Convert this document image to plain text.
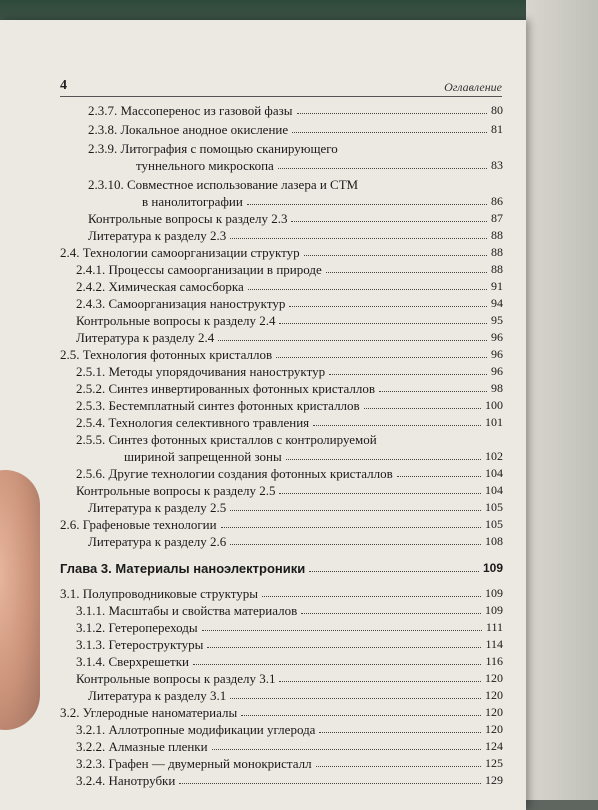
4	Оглавление
2.3.7. Массоперенос из газовой фазы	80
2.3.8. Локальное анодное окисление	81
2.3.9. Литография с помощью сканирующего
туннельного микроскопа	83
2.3.10. Совместное использование лазера и СТМ
в нанолитографии	86
Контрольные вопросы к разделу 2.3	87
Литература к разделу 2.3	88
2.4. Технологии самоорганизации структур	88
2.4.1. Процессы самоорганизации в природе	88
2.4.2. Химическая самосборка	91
2.4.3. Самоорганизация наноструктур	94
Контрольные вопросы к разделу 2.4	95
Литература к разделу 2.4	96
2.5. Технология фотонных кристаллов	96
2.5.1. Методы упорядочивания наноструктур	96
2.5.2. Синтез инвертированных фотонных кристаллов	98
2.5.3. Бестемплатный синтез фотонных кристаллов	100
2.5.4. Технология селективного травления	101
2.5.5. Синтез фотонных кристаллов с контролируемой
шириной запрещенной зоны	102
2.5.6. Другие технологии создания фотонных кристаллов	104
Контрольные вопросы к разделу 2.5	104
Литература к разделу 2.5	105
2.6. Графеновые технологии	105
Литература к разделу 2.6	108
Глава 3. Материалы наноэлектроники	109
3.1. Полупроводниковые структуры	109
3.1.1. Масштабы и свойства материалов	109
3.1.2. Гетеропереходы	111
3.1.3. Гетероструктуры	114
3.1.4. Сверхрешетки	116
Контрольные вопросы к разделу 3.1	120
Литература к разделу 3.1	120
3.2. Углеродные наноматериалы	120
3.2.1. Аллотропные модификации углерода	120
3.2.2. Алмазные пленки	124
3.2.3. Графен — двумерный монокристалл	125
3.2.4. Нанотрубки	129
